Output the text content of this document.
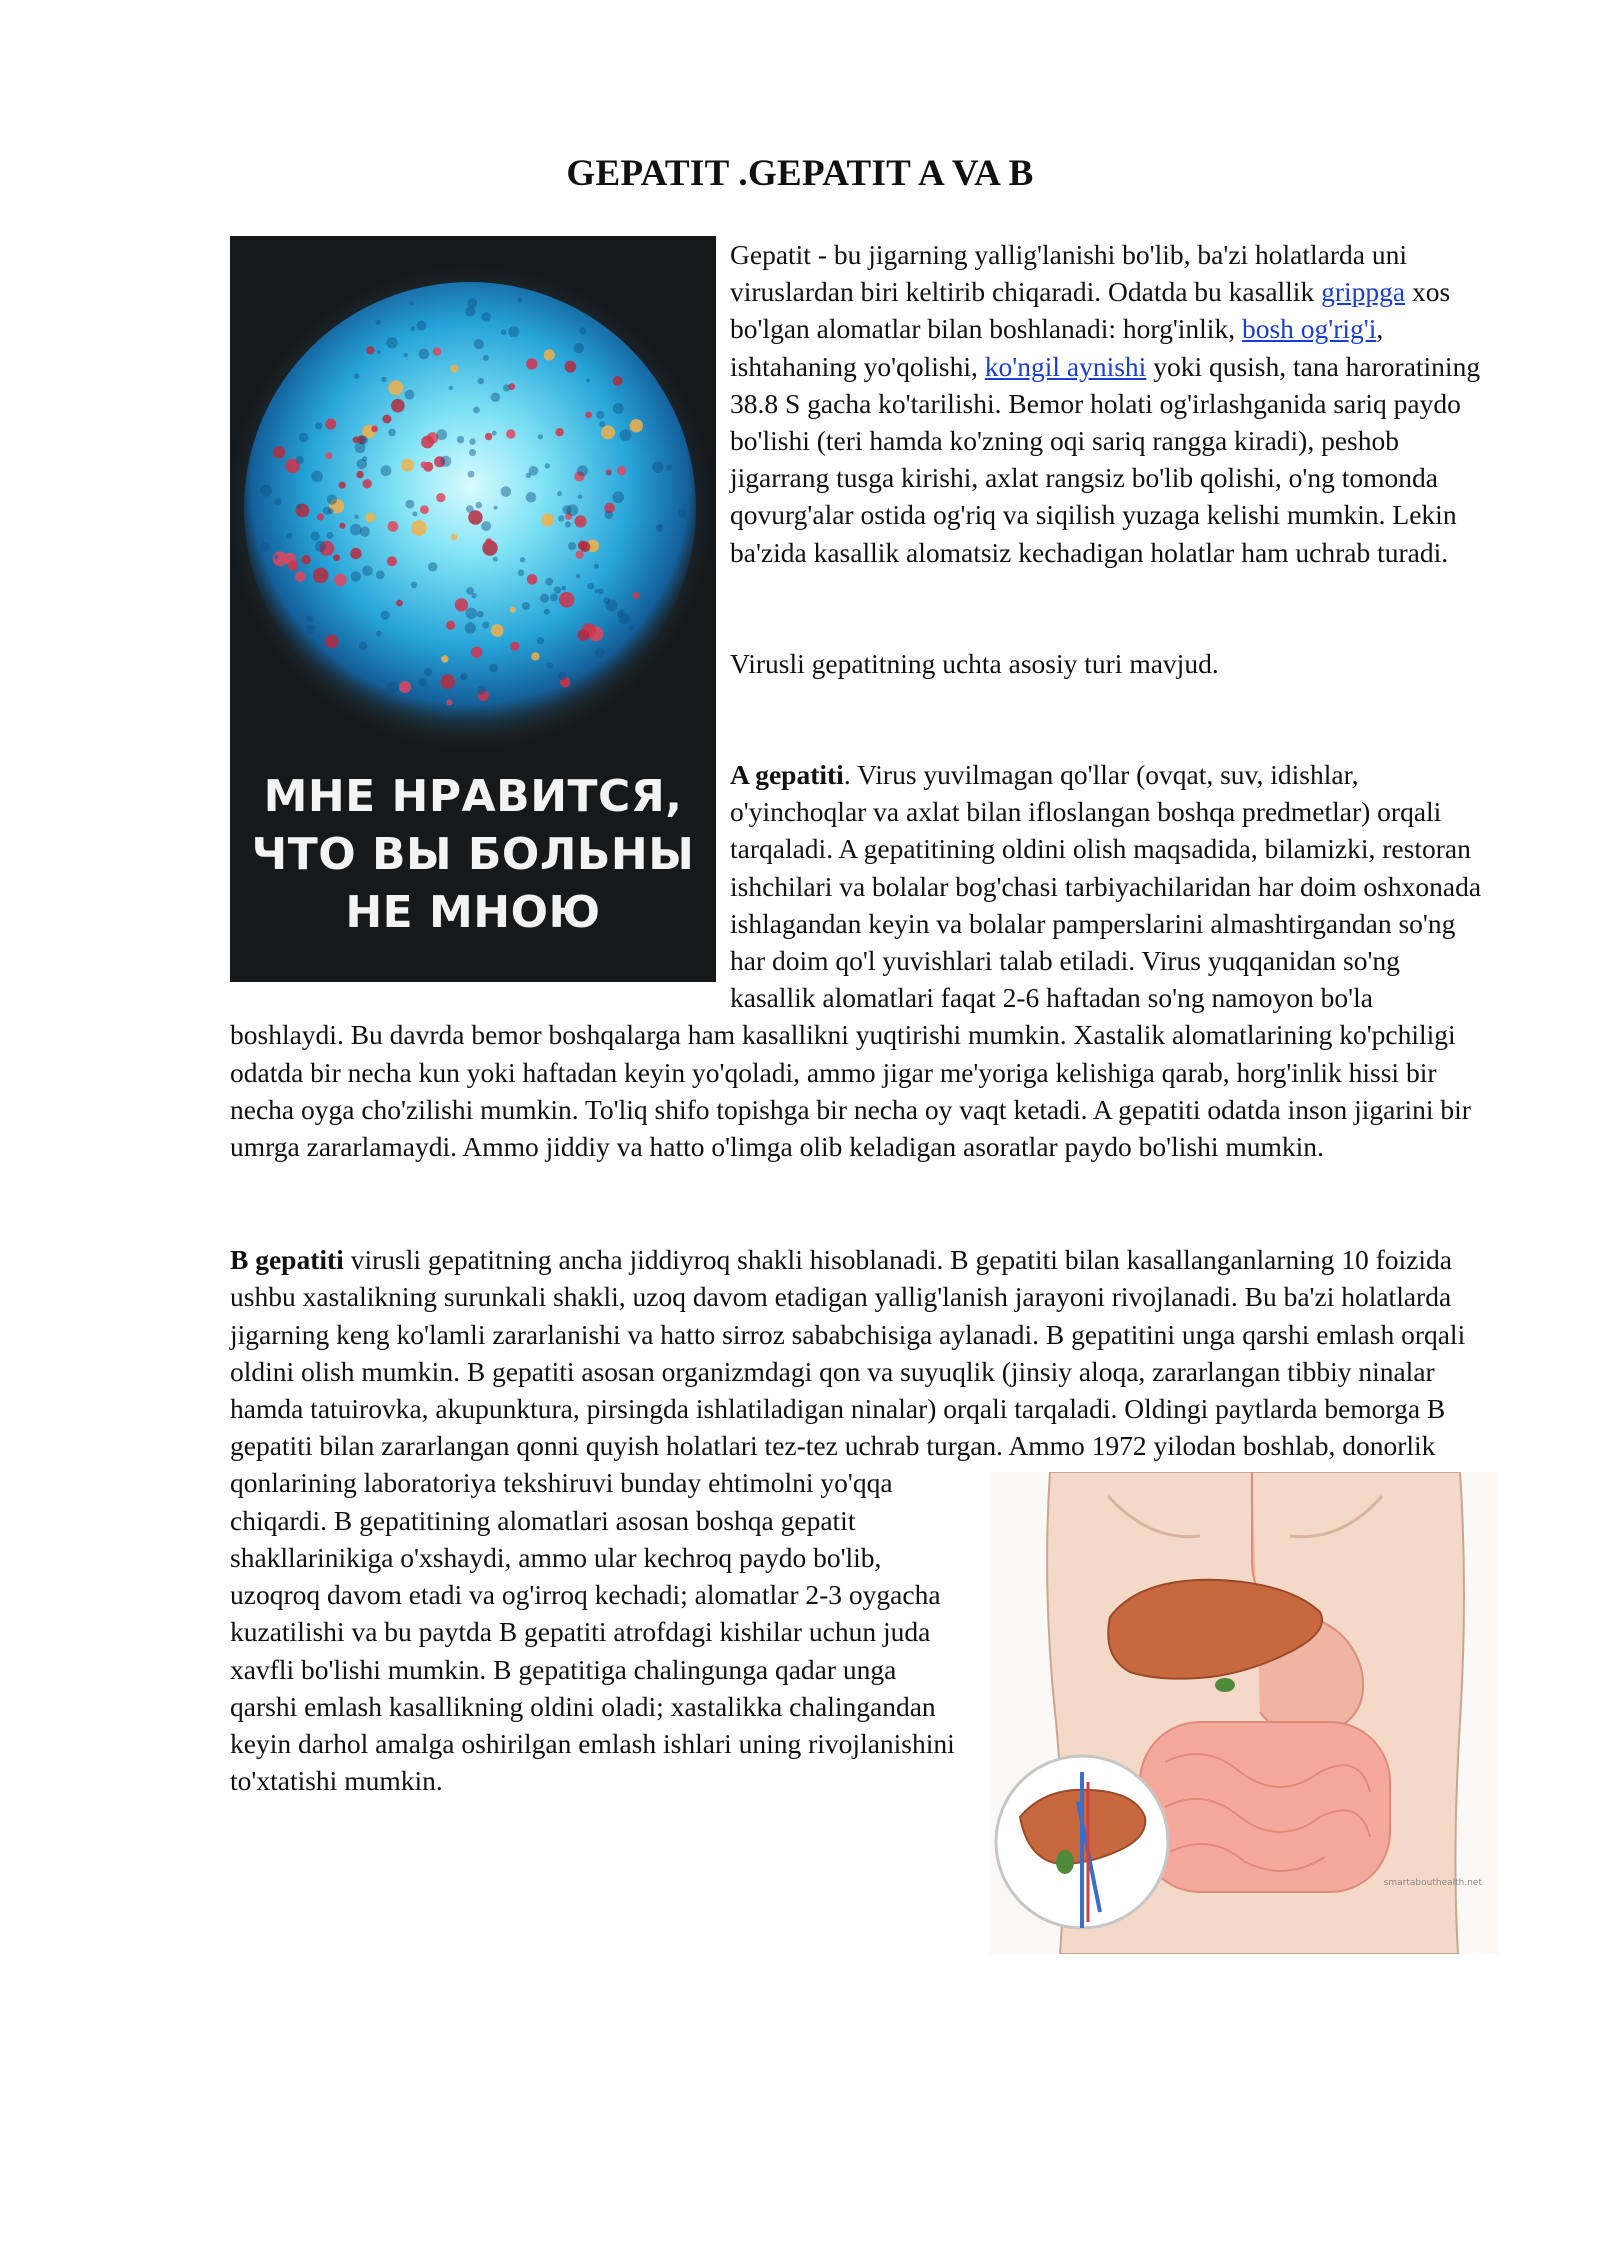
GEPATIT .GEPATIT A VA B
МНЕ НРАВИТСЯ,
ЧТО ВЫ БОЛЬНЫ
НЕ МНОЮ

Gepatit - bu jigarning yallig'lanishi bo'lib, ba'zi holatlarda uni viruslardan biri keltirib chiqaradi. Odatda bu kasallik grippga xos bo'lgan alomatlar bilan boshlanadi: horg'inlik, bosh og'rig'i, ishtahaning yo'qolishi, ko'ngil aynishi yoki qusish, tana haroratining 38.8 S gacha ko'tarilishi. Bemor holati og'irlashganida sariq paydo bo'lishi (teri hamda ko'zning oqi sariq rangga kiradi), peshob jigarrang tusga kirishi, axlat rangsiz bo'lib qolishi, o'ng tomonda qovurg'alar ostida og'riq va siqilish yuzaga kelishi mumkin. Lekin ba'zida kasallik alomatsiz kechadigan holatlar ham uchrab turadi.

Virusli gepatitning uchta asosiy turi mavjud.

A gepatiti. Virus yuvilmagan qo'llar (ovqat, suv, idishlar, o'yinchoqlar va axlat bilan ifloslangan boshqa predmetlar) orqali tarqaladi. A gepatitining oldini olish maqsadida, bilamizki, restoran ishchilari va bolalar bog'chasi tarbiyachilaridan har doim oshxonada ishlagandan keyin va bolalar pamperslarini almashtirgandan so'ng har doim qo'l yuvishlari talab etiladi. Virus yuqqanidan so'ng kasallik alomatlari faqat 2-6 haftadan so'ng namoyon bo'la boshlaydi. Bu davrda bemor boshqalarga ham kasallikni yuqtirishi mumkin. Xastalik alomatlarining ko'pchiligi odatda bir necha kun yoki haftadan keyin yo'qoladi, ammo jigar me'yoriga kelishiga qarab, horg'inlik hissi bir necha oyga cho'zilishi mumkin. To'liq shifo topishga bir necha oy vaqt ketadi. A gepatiti odatda inson jigarini bir umrga zararlamaydi. Ammo jiddiy va hatto o'limga olib keladigan asoratlar paydo bo'lishi mumkin.

B gepatiti virusli gepatitning ancha jiddiyroq shakli hisoblanadi. B gepatiti bilan kasallanganlarning 10 foizida ushbu xastalikning surunkali shakli, uzoq davom etadigan yallig'lanish jarayoni rivojlanadi. Bu ba'zi holatlarda jigarning keng ko'lamli zararlanishi va hatto sirroz sababchisiga aylanadi. B gepatitini unga qarshi emlash orqali oldini olish mumkin. B gepatiti asosan organizmdagi qon va suyuqlik (jinsiy aloqa, zararlangan tibbiy ninalar hamda tatuirovka, akupunktura, pirsingda ishlatiladigan ninalar) orqali tarqaladi. Oldingi paytlarda bemorga B gepatiti bilan zararlangan qonni quyish holatlari tez-tez uchrab turgan.
smartabouthealth.net
Ammo 1972 yilodan boshlab, donorlik qonlarining laboratoriya tekshiruvi bunday ehtimolni yo'qqa chiqardi. B gepatitining alomatlari asosan boshqa gepatit shakllarinikiga o'xshaydi, ammo ular kechroq paydo bo'lib, uzoqroq davom etadi va og'irroq kechadi; alomatlar 2-3 oygacha kuzatilishi va bu paytda B gepatiti atrofdagi kishilar uchun juda xavfli bo'lishi mumkin. B gepatitiga chalingunga qadar unga qarshi emlash kasallikning oldini oladi; xastalikka chalingandan keyin darhol amalga oshirilgan emlash ishlari uning rivojlanishini to'xtatishi mumkin.
